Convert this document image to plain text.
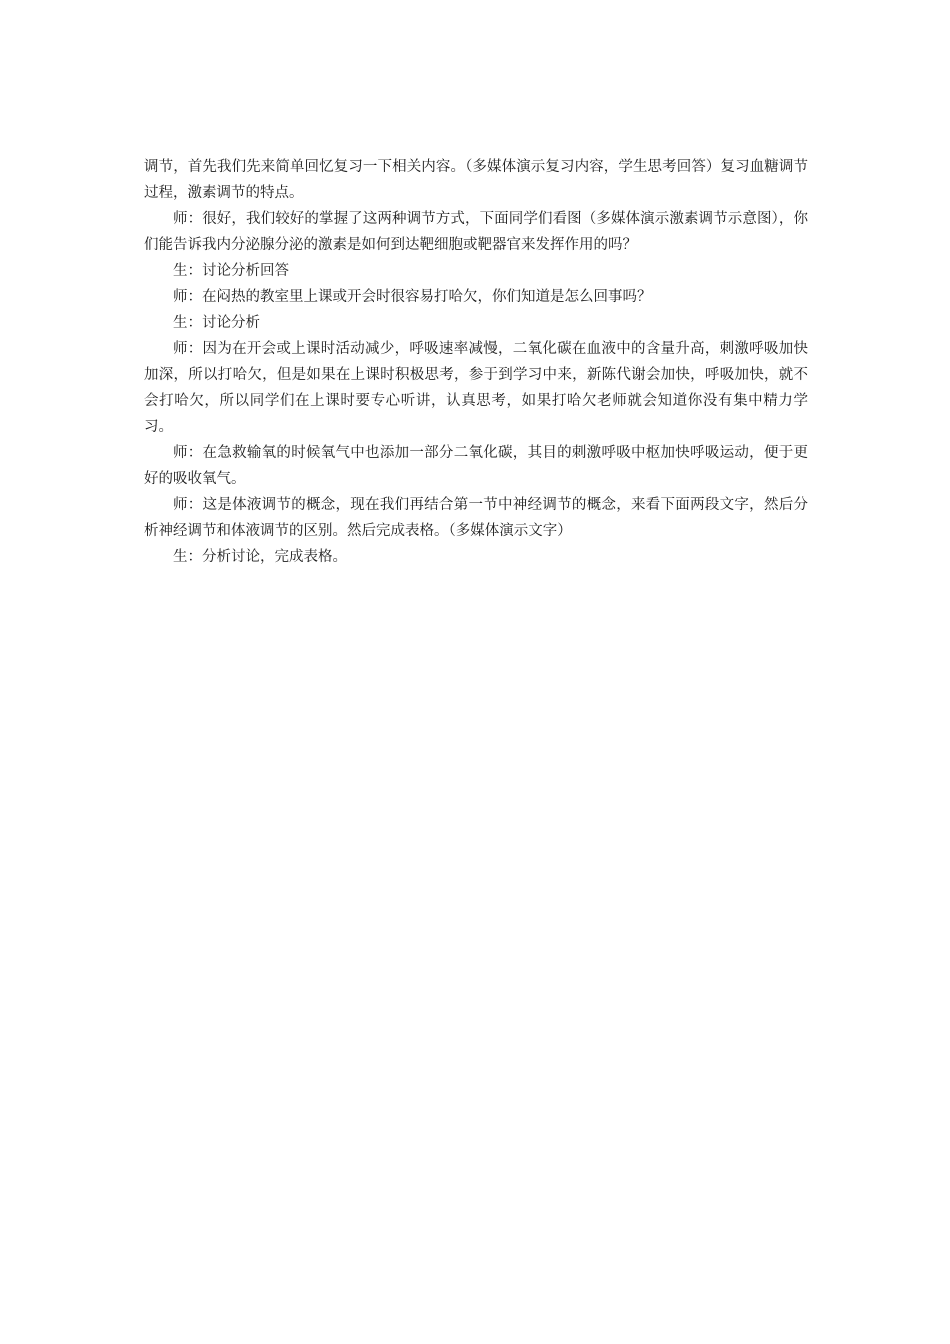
调节，首先我们先来简单回忆复习一下相关内容。（多媒体演示复习内容，学生思考回答）复习血糖调节过程，激素调节的特点。

师：很好，我们较好的掌握了这两种调节方式，下面同学们看图（多媒体演示激素调节示意图），你们能告诉我内分泌腺分泌的激素是如何到达靶细胞或靶器官来发挥作用的吗？

生：讨论分析回答

师：在闷热的教室里上课或开会时很容易打哈欠，你们知道是怎么回事吗？

生：讨论分析

师：因为在开会或上课时活动减少，呼吸速率减慢，二氧化碳在血液中的含量升高，刺激呼吸加快加深，所以打哈欠，但是如果在上课时积极思考，参于到学习中来，新陈代谢会加快，呼吸加快，就不会打哈欠，所以同学们在上课时要专心听讲，认真思考，如果打哈欠老师就会知道你没有集中精力学习。

师：在急救输氧的时候氧气中也添加一部分二氧化碳，其目的刺激呼吸中枢加快呼吸运动，便于更好的吸收氧气。

师：这是体液调节的概念，现在我们再结合第一节中神经调节的概念，来看下面两段文字，然后分析神经调节和体液调节的区别。然后完成表格。（多媒体演示文字）

生：分析讨论，完成表格。
